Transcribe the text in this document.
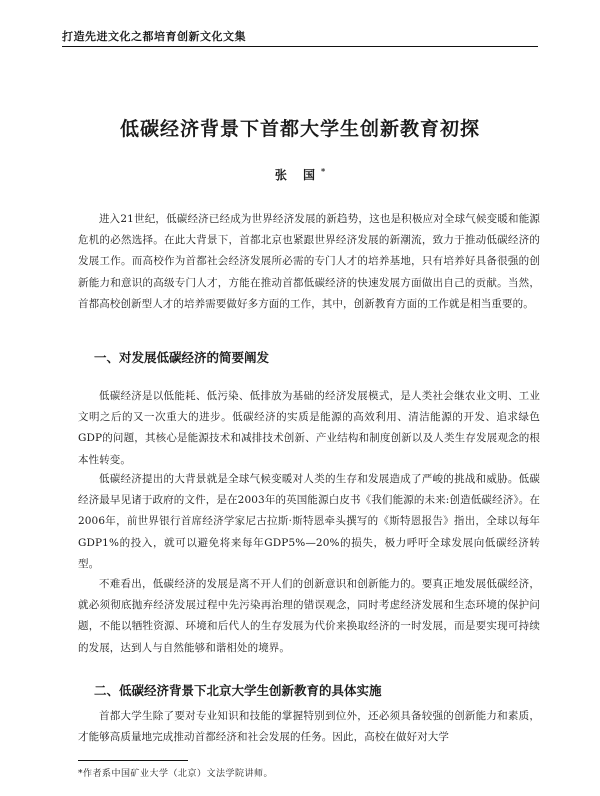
打造先进文化之都培育创新文化文集
低碳经济背景下首都大学生创新教育初探
张 国*

进入21世纪，低碳经济已经成为世界经济发展的新趋势，这也是积极应对全球气候变暖和能源危机的必然选择。在此大背景下，首都北京也紧跟世界经济发展的新潮流，致力于推动低碳经济的发展工作。而高校作为首都社会经济发展所必需的专门人才的培养基地，只有培养好具备很强的创新能力和意识的高级专门人才，方能在推动首都低碳经济的快速发展方面做出自己的贡献。当然，首都高校创新型人才的培养需要做好多方面的工作，其中，创新教育方面的工作就是相当重要的。

一、对发展低碳经济的简要阐发

低碳经济是以低能耗、低污染、低排放为基础的经济发展模式，是人类社会继农业文明、工业文明之后的又一次重大的进步。低碳经济的实质是能源的高效利用、清洁能源的开发、追求绿色GDP的问题，其核心是能源技术和减排技术创新、产业结构和制度创新以及人类生存发展观念的根本性转变。

低碳经济提出的大背景就是全球气候变暖对人类的生存和发展造成了严峻的挑战和威胁。低碳经济最早见诸于政府的文件，是在2003年的英国能源白皮书《我们能源的未来:创造低碳经济》。在2006年，前世界银行首席经济学家尼古拉斯·斯特恩牵头撰写的《斯特恩报告》指出，全球以每年GDP1%的投入，就可以避免将来每年GDP5%—20%的损失，极力呼吁全球发展向低碳经济转型。

不难看出，低碳经济的发展是离不开人们的创新意识和创新能力的。要真正地发展低碳经济，就必须彻底抛弃经济发展过程中先污染再治理的错误观念，同时考虑经济发展和生态环境的保护问题，不能以牺牲资源、环境和后代人的生存发展为代价来换取经济的一时发展，而是要实现可持续的发展，达到人与自然能够和谐相处的境界。

二、低碳经济背景下北京大学生创新教育的具体实施

首都大学生除了要对专业知识和技能的掌握特别到位外，还必须具备较强的创新能力和素质，才能够高质量地完成推动首都经济和社会发展的任务。因此，高校在做好对大学

*作者系中国矿业大学（北京）文法学院讲师。
